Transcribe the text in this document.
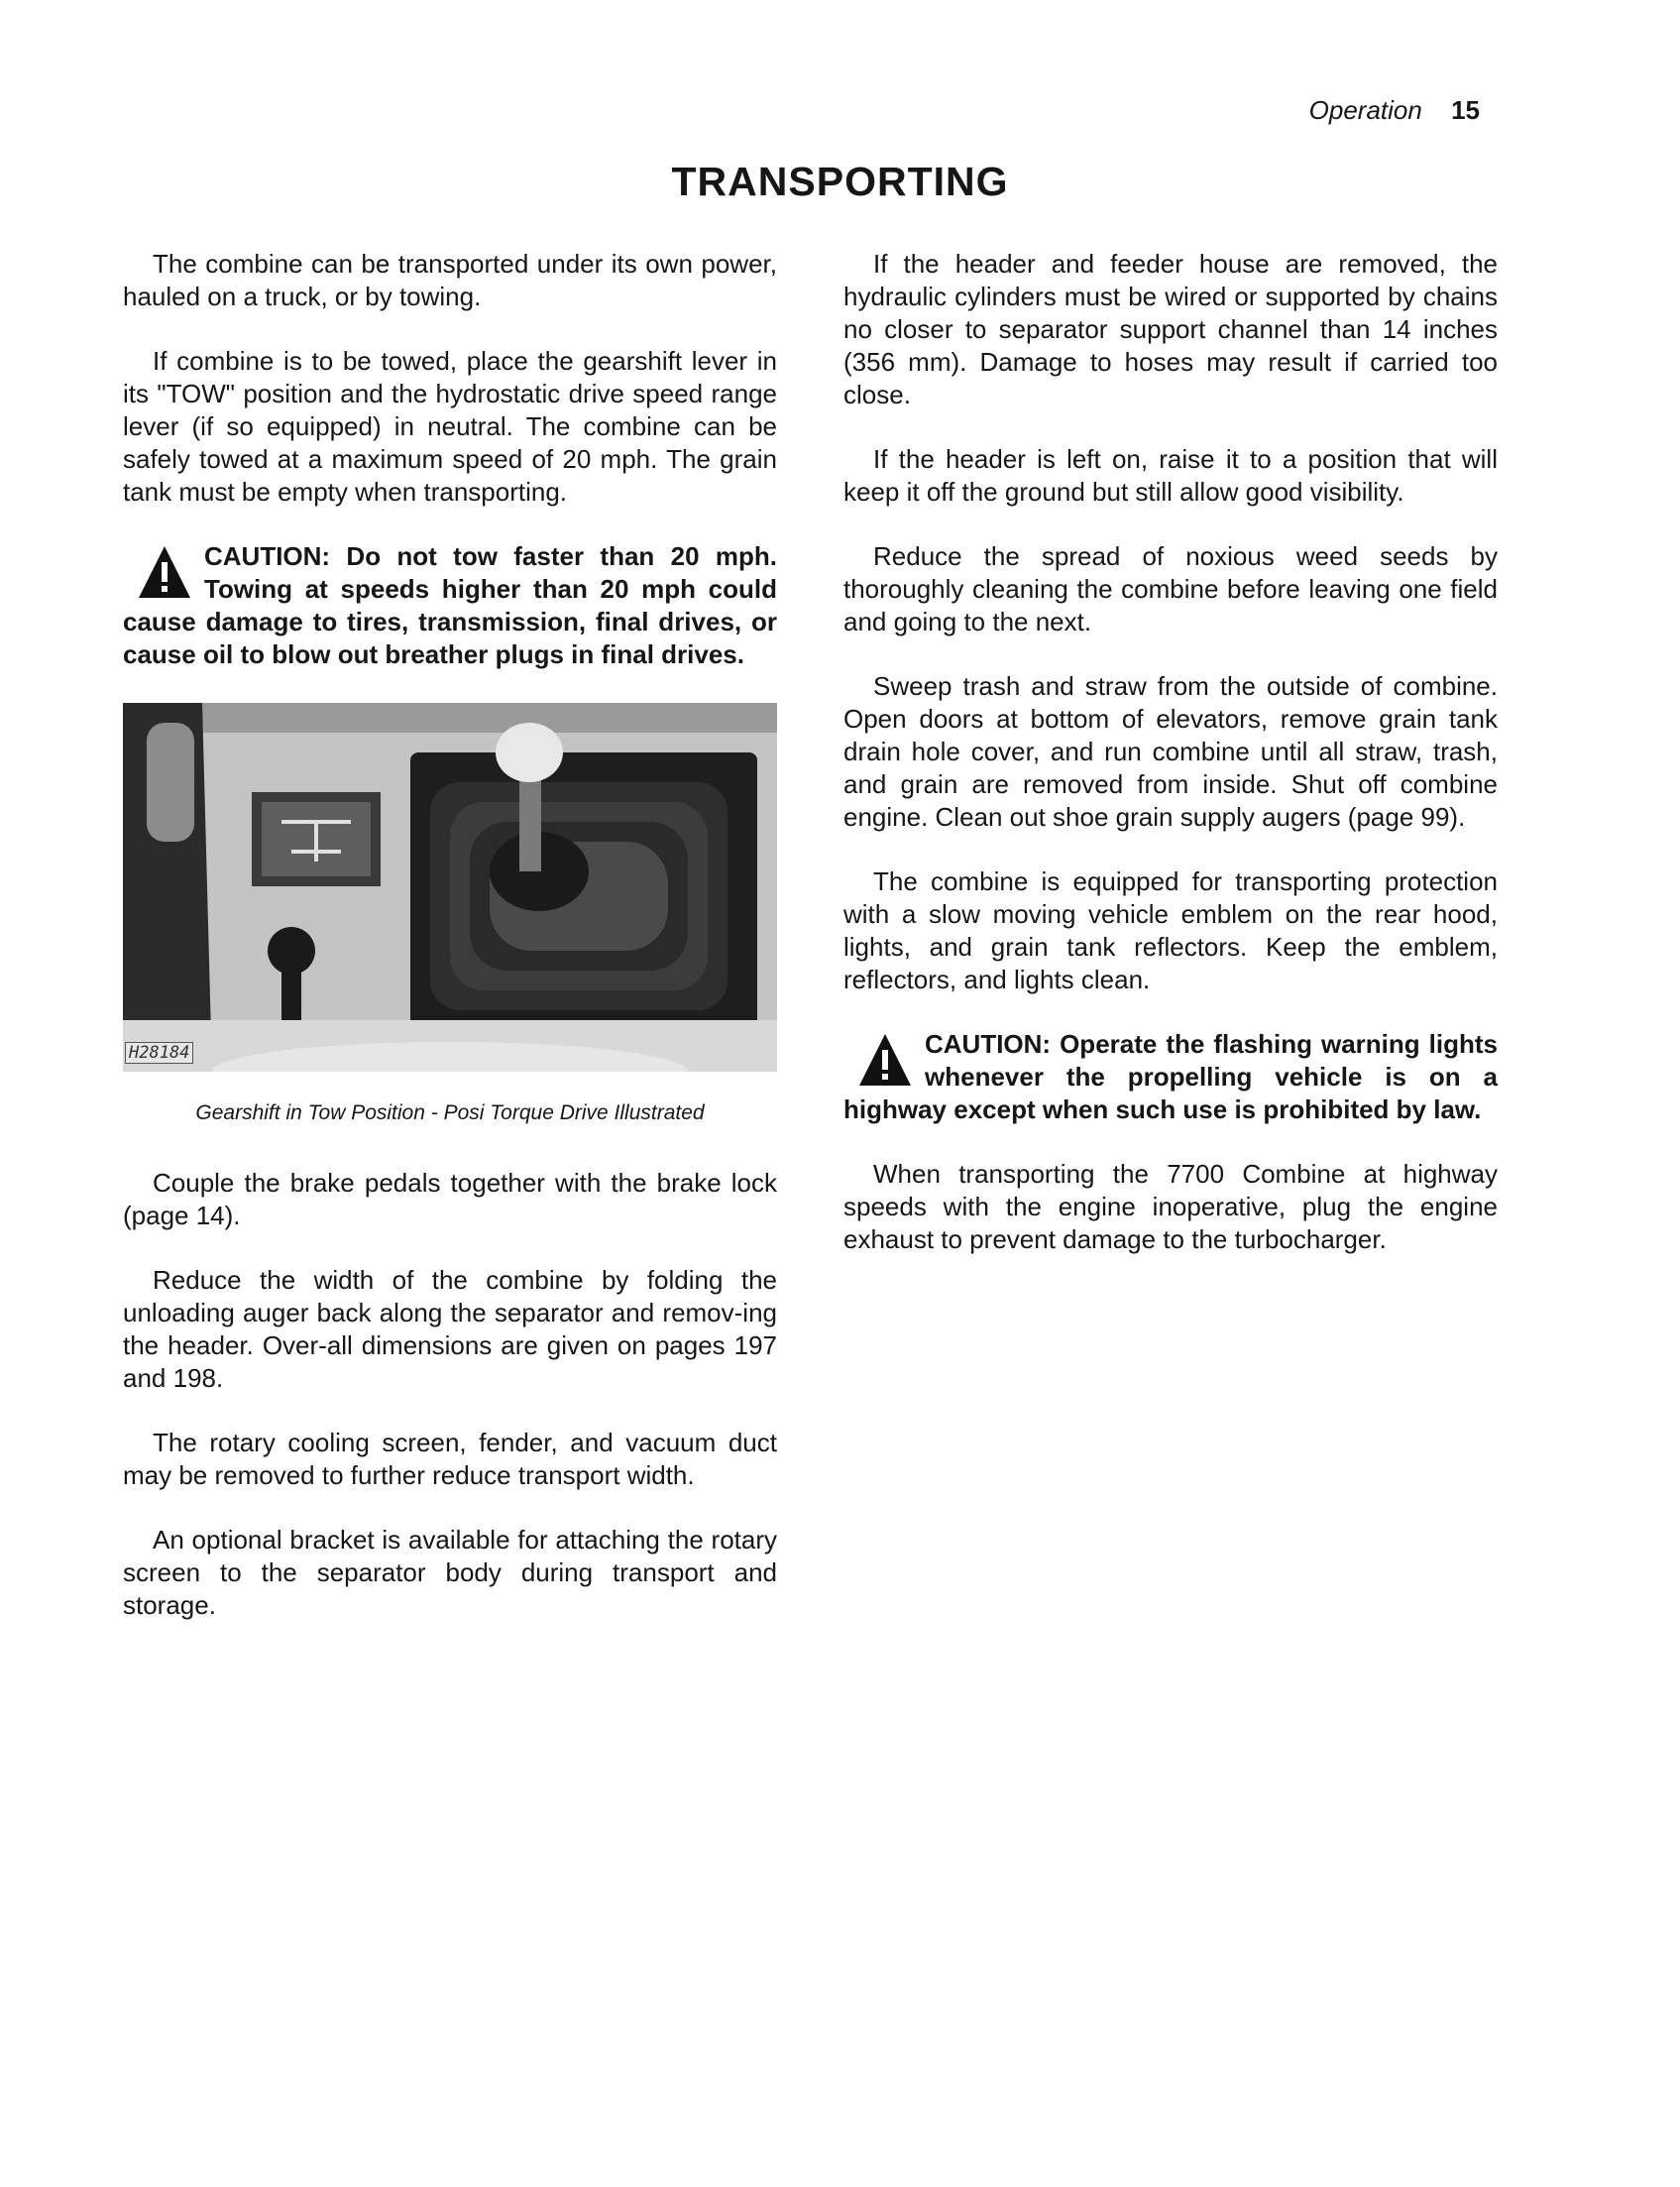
Operation 15
TRANSPORTING

The combine can be transported under its own power, hauled on a truck, or by towing.

If combine is to be towed, place the gearshift lever in its "TOW" position and the hydrostatic drive speed range lever (if so equipped) in neutral. The combine can be safely towed at a maximum speed of 20 mph. The grain tank must be empty when transporting.

CAUTION: Do not tow faster than 20 mph. Towing at speeds higher than 20 mph could cause damage to tires, transmission, final drives, or cause oil to blow out breather plugs in final drives.
H28184

Gearshift in Tow Position - Posi Torque Drive Illustrated

Couple the brake pedals together with the brake lock (page 14).

Reduce the width of the combine by folding the unloading auger back along the separator and remov-ing the header. Over-all dimensions are given on pages 197 and 198.

The rotary cooling screen, fender, and vacuum duct may be removed to further reduce transport width.

An optional bracket is available for attaching the rotary screen to the separator body during transport and storage.

If the header and feeder house are removed, the hydraulic cylinders must be wired or supported by chains no closer to separator support channel than 14 inches (356 mm). Damage to hoses may result if carried too close.

If the header is left on, raise it to a position that will keep it off the ground but still allow good visibility.

Reduce the spread of noxious weed seeds by thoroughly cleaning the combine before leaving one field and going to the next.

Sweep trash and straw from the outside of combine. Open doors at bottom of elevators, remove grain tank drain hole cover, and run combine until all straw, trash, and grain are removed from inside. Shut off combine engine. Clean out shoe grain supply augers (page 99).

The combine is equipped for transporting protection with a slow moving vehicle emblem on the rear hood, lights, and grain tank reflectors. Keep the emblem, reflectors, and lights clean.

CAUTION: Operate the flashing warning lights whenever the propelling vehicle is on a highway except when such use is prohibited by law.

When transporting the 7700 Combine at highway speeds with the engine inoperative, plug the engine exhaust to prevent damage to the turbocharger.
